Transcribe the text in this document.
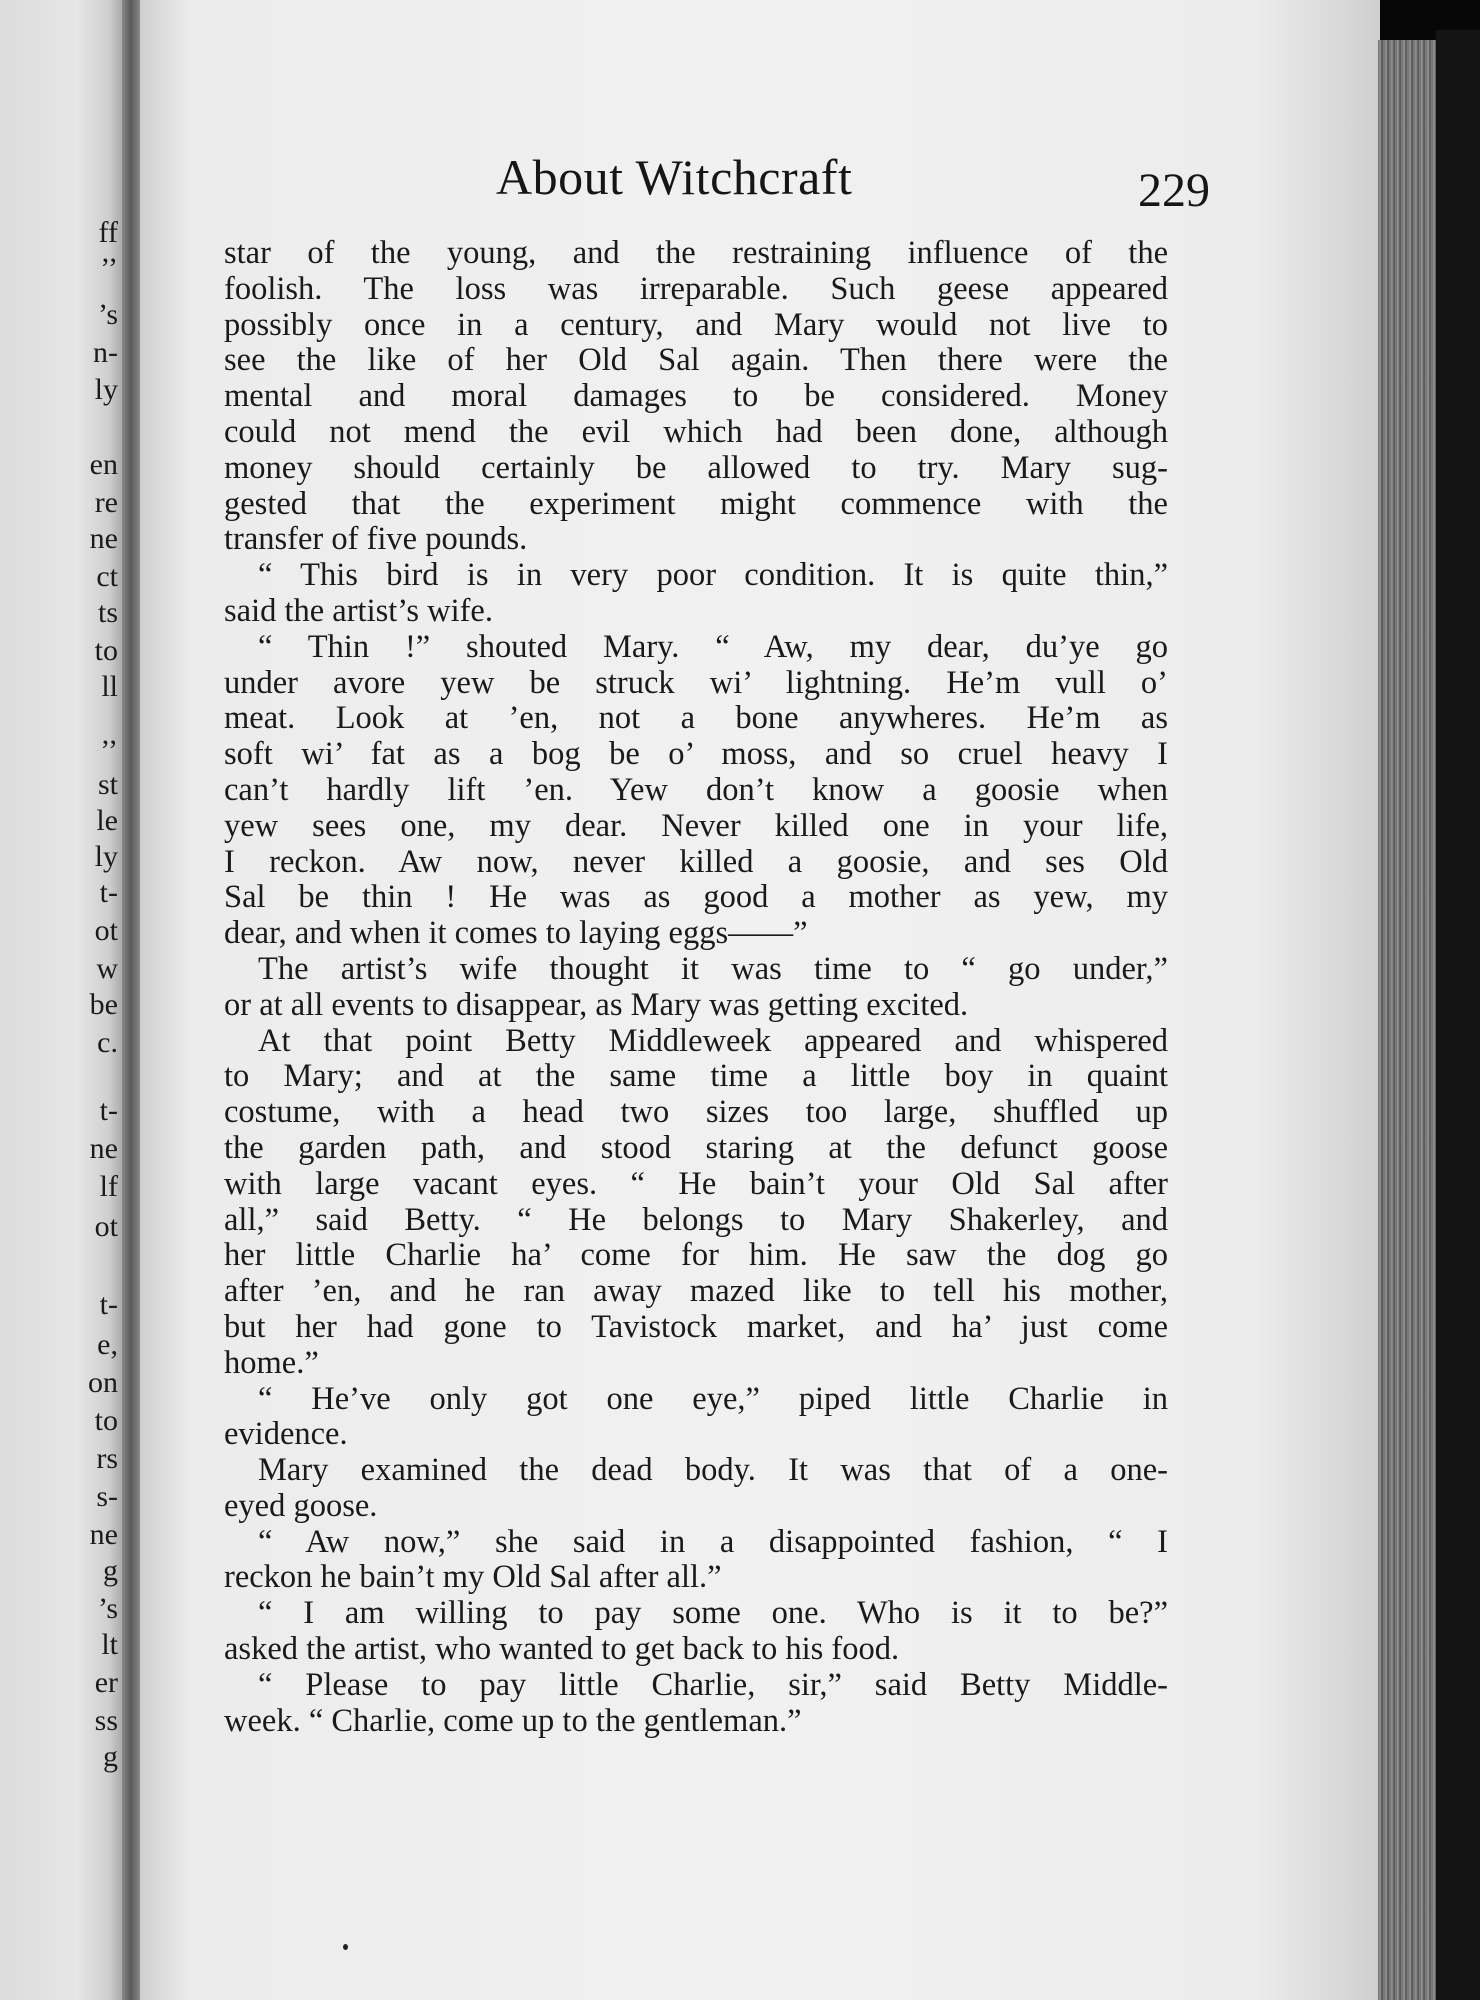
ff
’’
’s
n-
ly
en
re
ne
ct
ts
to
ll
’’
st
le
ly
t-
ot
w
be
c.
t-
ne
lf
ot
t-
e,
on
to
rs
s-
ne
g
’s
lt
er
ss
g
About Witchcraft	229
star of the young, and the restraining influence of the
foolish. The loss was irreparable. Such geese appeared
possibly once in a century, and Mary would not live to
see the like of her Old Sal again. Then there were the
mental and moral damages to be considered. Money
could not mend the evil which had been done, although
money should certainly be allowed to try. Mary sug-
gested that the experiment might commence with the
transfer of five pounds.
“ This bird is in very poor condition. It is quite thin,”
said the artist’s wife.
“ Thin !” shouted Mary. “ Aw, my dear, du’ye go
under avore yew be struck wi’ lightning. He’m vull o’
meat. Look at ’en, not a bone anywheres. He’m as
soft wi’ fat as a bog be o’ moss, and so cruel heavy I
can’t hardly lift ’en. Yew don’t know a goosie when
yew sees one, my dear. Never killed one in your life,
I reckon. Aw now, never killed a goosie, and ses Old
Sal be thin ! He was as good a mother as yew, my
dear, and when it comes to laying eggs——”
The artist’s wife thought it was time to “ go under,”
or at all events to disappear, as Mary was getting excited.
At that point Betty Middleweek appeared and whispered
to Mary; and at the same time a little boy in quaint
costume, with a head two sizes too large, shuffled up
the garden path, and stood staring at the defunct goose
with large vacant eyes. “ He bain’t your Old Sal after
all,” said Betty. “ He belongs to Mary Shakerley, and
her little Charlie ha’ come for him. He saw the dog go
after ’en, and he ran away mazed like to tell his mother,
but her had gone to Tavistock market, and ha’ just come
home.”
“ He’ve only got one eye,” piped little Charlie in
evidence.
Mary examined the dead body. It was that of a one-
eyed goose.
“ Aw now,” she said in a disappointed fashion, “ I
reckon he bain’t my Old Sal after all.”
“ I am willing to pay some one. Who is it to be?”
asked the artist, who wanted to get back to his food.
“ Please to pay little Charlie, sir,” said Betty Middle-
week. “ Charlie, come up to the gentleman.”
